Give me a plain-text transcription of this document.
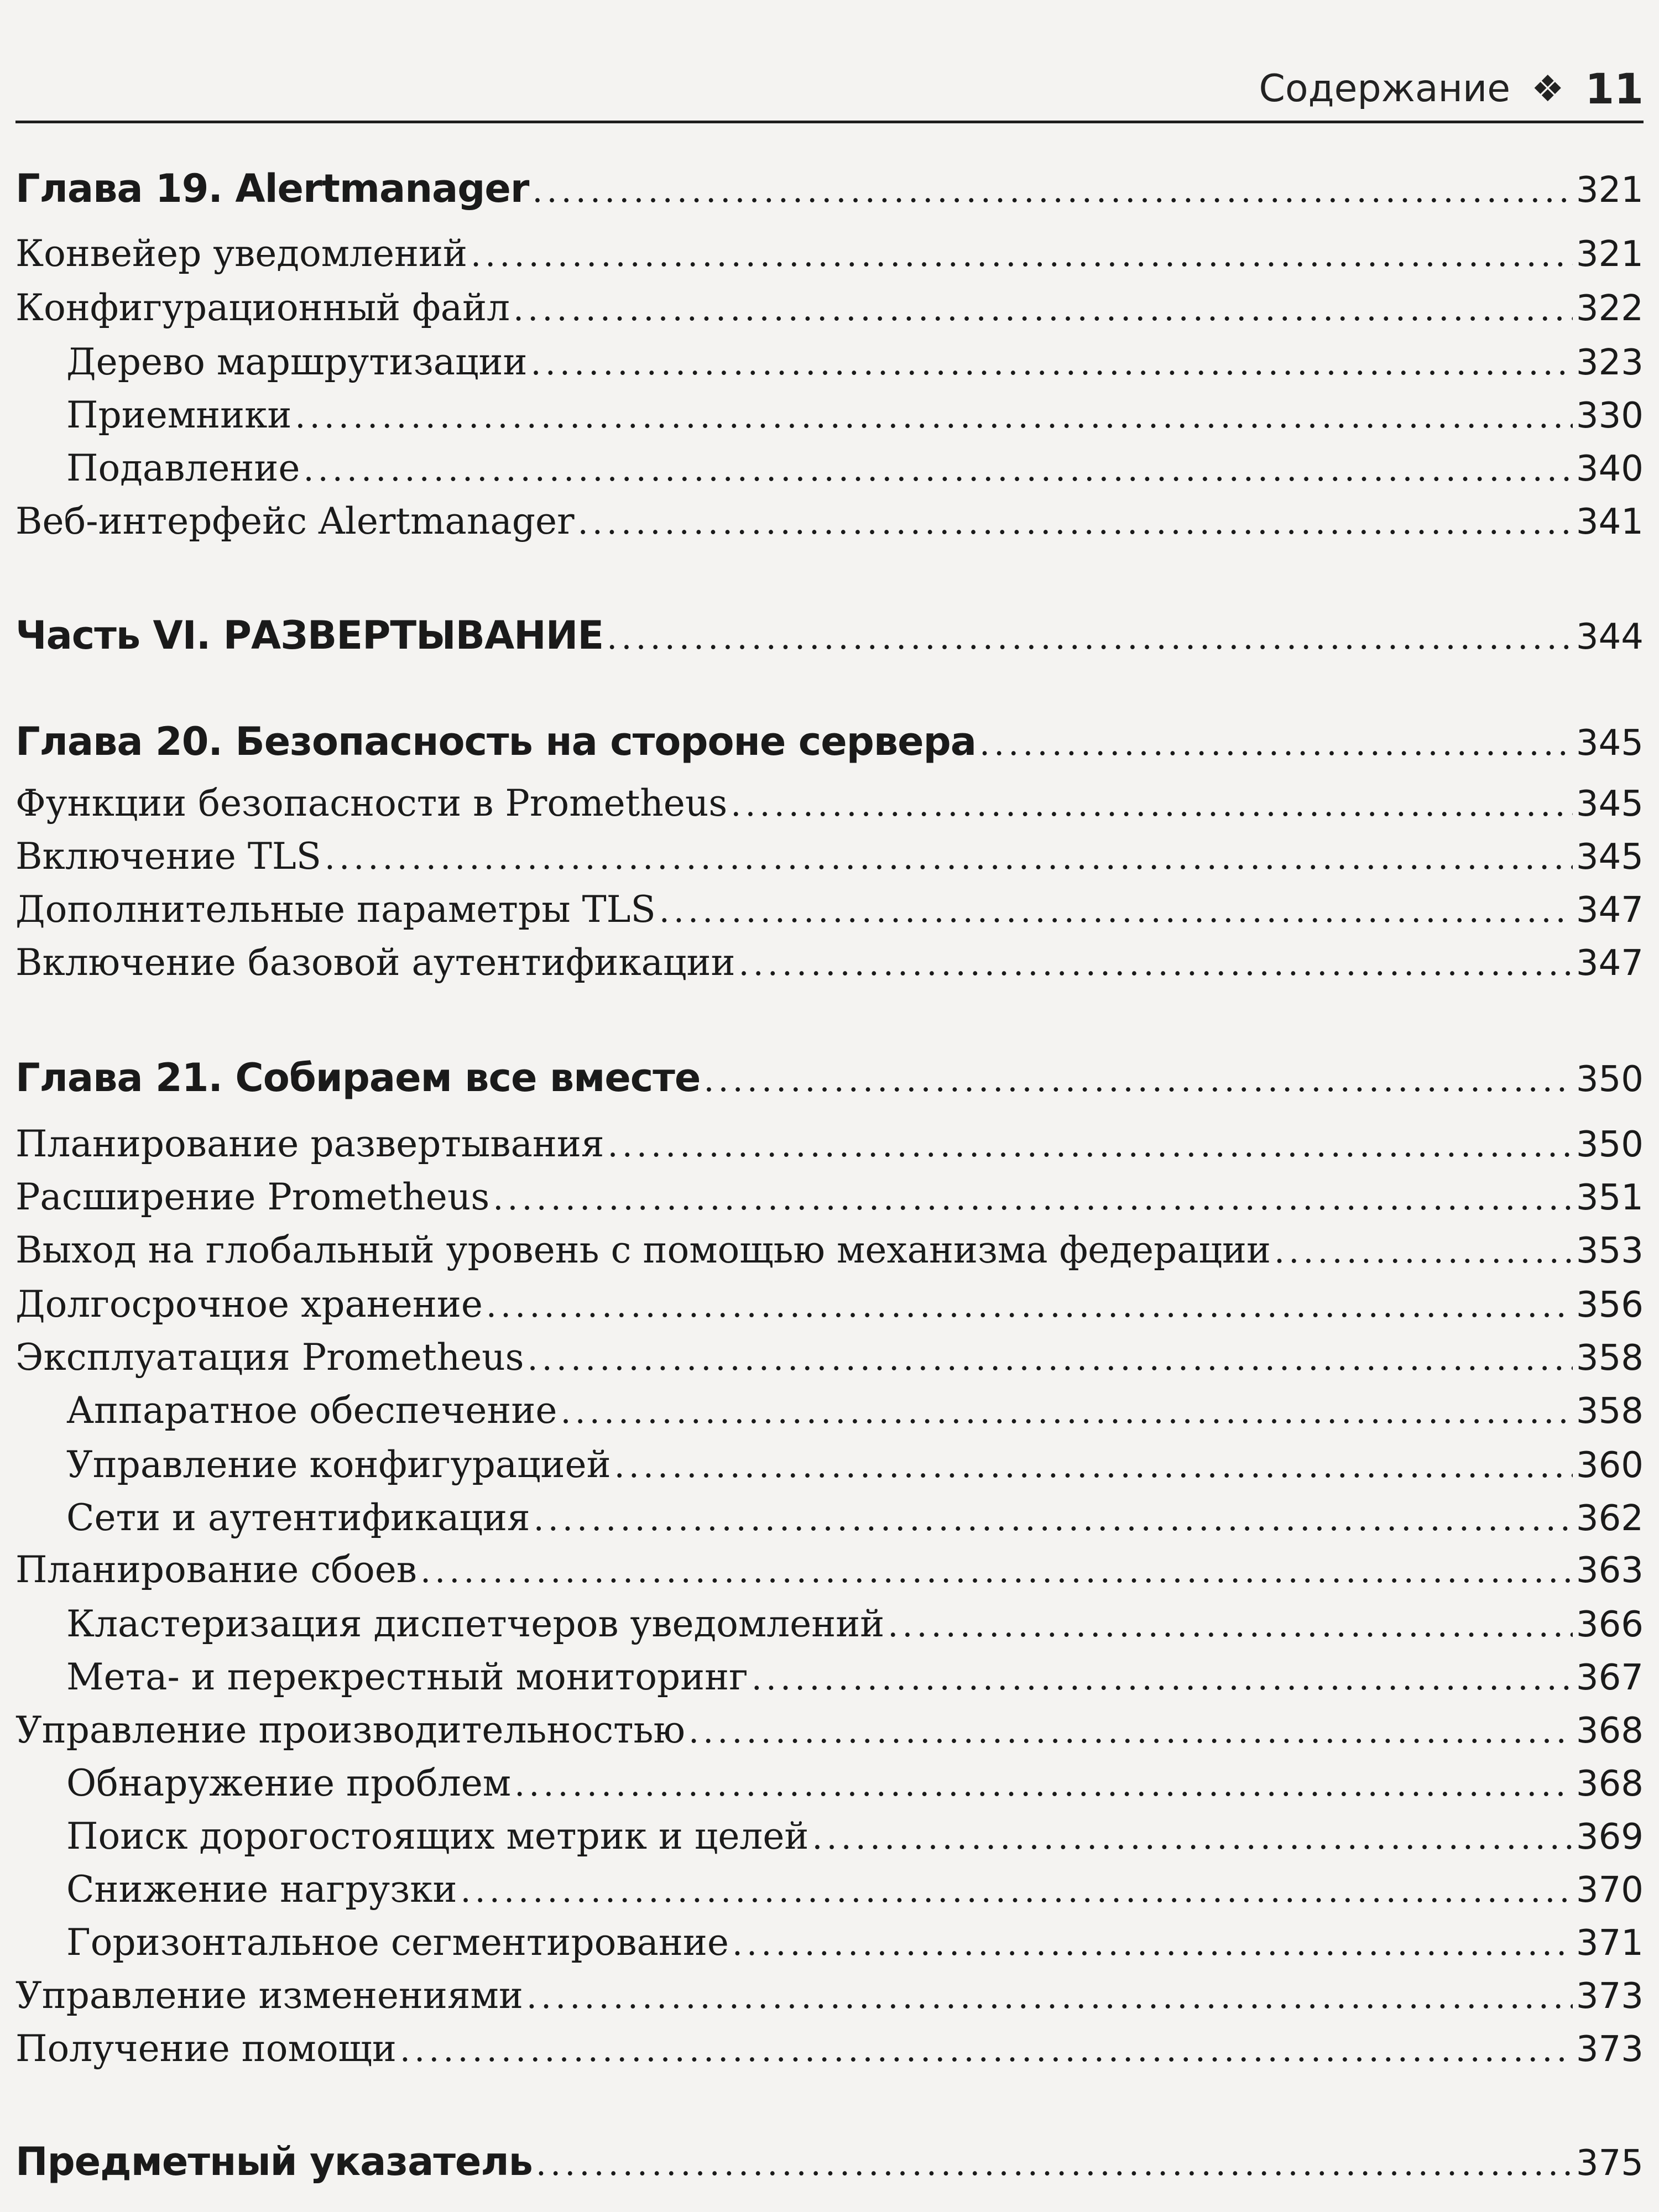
Содержание ❖ 11
Глава 19. Alertmanager . . .	321
Конвейер уведомлений . . .	321
Конфигурационный файл . . .	322
Дерево маршрутизации . . .	323
Приемники . . .	330
Подавление . . .	340
Веб-интерфейс Alertmanager . . .	341
Часть VI. РАЗВЕРТЫВАНИЕ . . .	344
Глава 20. Безопасность на стороне сервера . . .	345
Функции безопасности в Prometheus . . .	345
Включение TLS . . .	345
Дополнительные параметры TLS . . .	347
Включение базовой аутентификации . . .	347
Глава 21. Собираем все вместе . . .	350
Планирование развертывания . . .	350
Расширение Prometheus . . .	351
Выход на глобальный уровень с помощью механизма федерации . . .	353
Долгосрочное хранение . . .	356
Эксплуатация Prometheus . . .	358
Аппаратное обеспечение . . .	358
Управление конфигурацией . . .	360
Сети и аутентификация . . .	362
Планирование сбоев . . .	363
Кластеризация диспетчеров уведомлений . . .	366
Мета- и перекрестный мониторинг . . .	367
Управление производительностью . . .	368
Обнаружение проблем . . .	368
Поиск дорогостоящих метрик и целей . . .	369
Снижение нагрузки . . .	370
Горизонтальное сегментирование . . .	371
Управление изменениями . . .	373
Получение помощи . . .	373
Предметный указатель . . .	375
